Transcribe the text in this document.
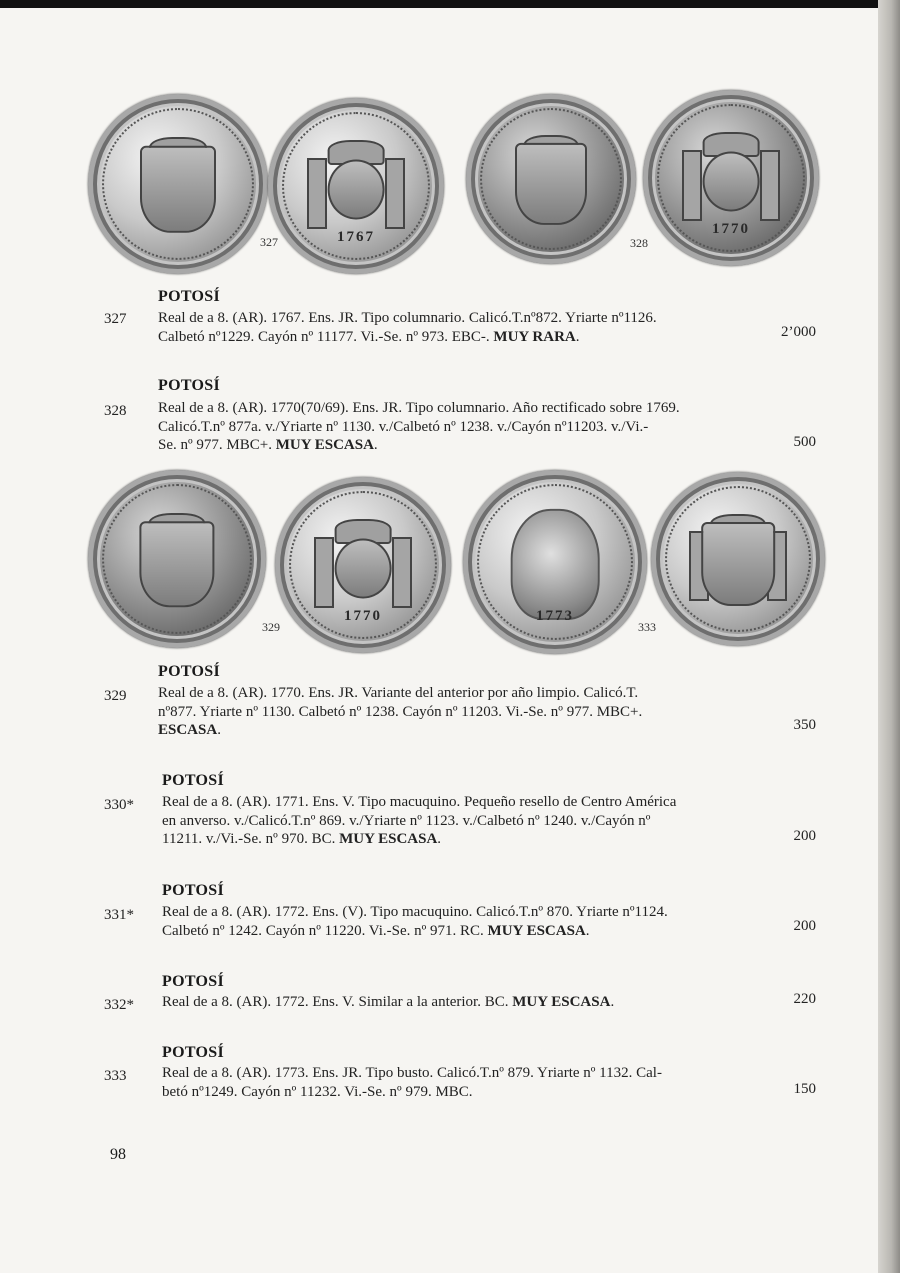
1767
327
1770
328
POTOSÍ
327 Real de a 8. (AR). 1767. Ens. JR. Tipo columnario. Calicó.T.nº872. Yriarte nº1126.
Calbetó nº1229. Cayón nº 11177. Vi.-Se. nº 973. EBC-. MUY RARA.	2’000
POTOSÍ
328 Real de a 8. (AR). 1770(70/69). Ens. JR. Tipo columnario. Año rectificado sobre 1769.
Calicó.T.nº 877a. v./Yriarte nº 1130. v./Calbetó nº 1238. v./Cayón nº11203. v./Vi.-
Se. nº 977. MBC+. MUY ESCASA.	500
1770
329
1773
333
POTOSÍ
329 Real de a 8. (AR). 1770. Ens. JR. Variante del anterior por año limpio. Calicó.T.
nº877. Yriarte nº 1130. Calbetó nº 1238. Cayón nº 11203. Vi.-Se. nº 977. MBC+.
ESCASA.	350
POTOSÍ
330* Real de a 8. (AR). 1771. Ens. V. Tipo macuquino. Pequeño resello de Centro América
en anverso. v./Calicó.T.nº 869. v./Yriarte nº 1123. v./Calbetó nº 1240. v./Cayón nº
11211. v./Vi.-Se. nº 970. BC. MUY ESCASA.	200
POTOSÍ
331* Real de a 8. (AR). 1772. Ens. (V). Tipo macuquino. Calicó.T.nº 870. Yriarte nº1124.
Calbetó nº 1242. Cayón nº 11220. Vi.-Se. nº 971. RC. MUY ESCASA.	200
POTOSÍ
332* Real de a 8. (AR). 1772. Ens. V. Similar a la anterior. BC. MUY ESCASA.	220
POTOSÍ
333 Real de a 8. (AR). 1773. Ens. JR. Tipo busto. Calicó.T.nº 879. Yriarte nº 1132. Cal-
betó nº1249. Cayón nº 11232. Vi.-Se. nº 979. MBC.	150
98
